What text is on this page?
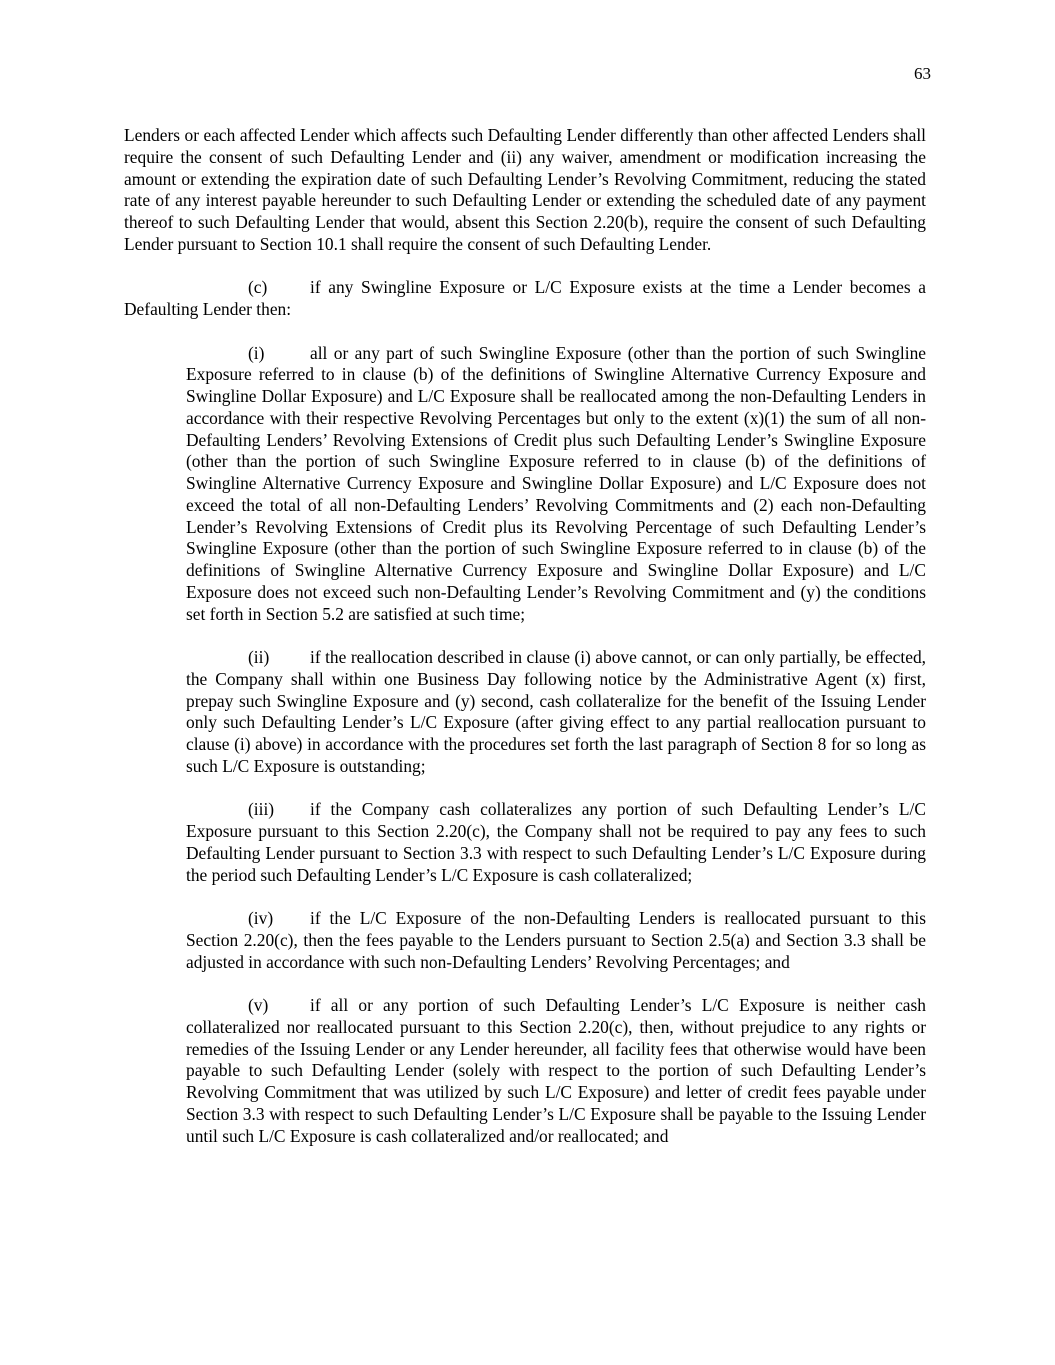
63

Lenders or each affected Lender which affects such Defaulting Lender differently than other affected Lenders shall require the consent of such Defaulting Lender and (ii) any waiver, amendment or modification increasing the amount or extending the expiration date of such Defaulting Lender’s Revolving Commitment, reducing the stated rate of any interest payable hereunder to such Defaulting Lender or extending the scheduled date of any payment thereof to such Defaulting Lender that would, absent this Section 2.20(b), require the consent of such Defaulting Lender pursuant to Section 10.1 shall require the consent of such Defaulting Lender.

(c) if any Swingline Exposure or L/C Exposure exists at the time a Lender becomes a Defaulting Lender then:

(i)	all or any part of such Swingline Exposure (other than the portion of such Swingline Exposure referred to in clause (b) of the definitions of Swingline Alternative Currency Exposure and Swingline Dollar Exposure) and L/C Exposure shall be reallocated among the non-Defaulting Lenders in accordance with their respective Revolving Percentages but only to the extent (x)(1) the sum of all non-Defaulting Lenders’ Revolving Extensions of Credit plus such Defaulting Lender’s Swingline Exposure (other than the portion of such Swingline Exposure referred to in clause (b) of the definitions of Swingline Alternative Currency Exposure and Swingline Dollar Exposure) and L/C Exposure does not exceed the total of all non-Defaulting Lenders’ Revolving Commitments and (2) each non-Defaulting Lender’s Revolving Extensions of Credit plus its Revolving Percentage of such Defaulting Lender’s Swingline Exposure (other than the portion of such Swingline Exposure referred to in clause (b) of the definitions of Swingline Alternative Currency Exposure and Swingline Dollar Exposure) and L/C Exposure does not exceed such non-Defaulting Lender’s Revolving Commitment and (y) the conditions set forth in Section 5.2 are satisfied at such time;

(ii) if the reallocation described in clause (i) above cannot, or can only partially, be effected, the Company shall within one Business Day following notice by the Administrative Agent (x) first, prepay such Swingline Exposure and (y) second, cash collateralize for the benefit of the Issuing Lender only such Defaulting Lender’s L/C Exposure (after giving effect to any partial reallocation pursuant to clause (i) above) in accordance with the procedures set forth the last paragraph of Section 8 for so long as such L/C Exposure is outstanding;

(iii) if the Company cash collateralizes any portion of such Defaulting Lender’s L/C Exposure pursuant to this Section 2.20(c), the Company shall not be required to pay any fees to such Defaulting Lender pursuant to Section 3.3 with respect to such Defaulting Lender’s L/C Exposure during the period such Defaulting Lender’s L/C Exposure is cash collateralized;

(iv) if the L/C Exposure of the non-Defaulting Lenders is reallocated pursuant to this Section 2.20(c), then the fees payable to the Lenders pursuant to Section 2.5(a) and Section 3.3 shall be adjusted in accordance with such non-Defaulting Lenders’ Revolving Percentages; and

(v) if all or any portion of such Defaulting Lender’s L/C Exposure is neither cash collateralized nor reallocated pursuant to this Section 2.20(c), then, without prejudice to any rights or remedies of the Issuing Lender or any Lender hereunder, all facility fees that otherwise would have been payable to such Defaulting Lender (solely with respect to the portion of such Defaulting Lender’s Revolving Commitment that was utilized by such L/C Exposure) and letter of credit fees payable under Section 3.3 with respect to such Defaulting Lender’s L/C Exposure shall be payable to the Issuing Lender until such L/C Exposure is cash collateralized and/or reallocated; and
